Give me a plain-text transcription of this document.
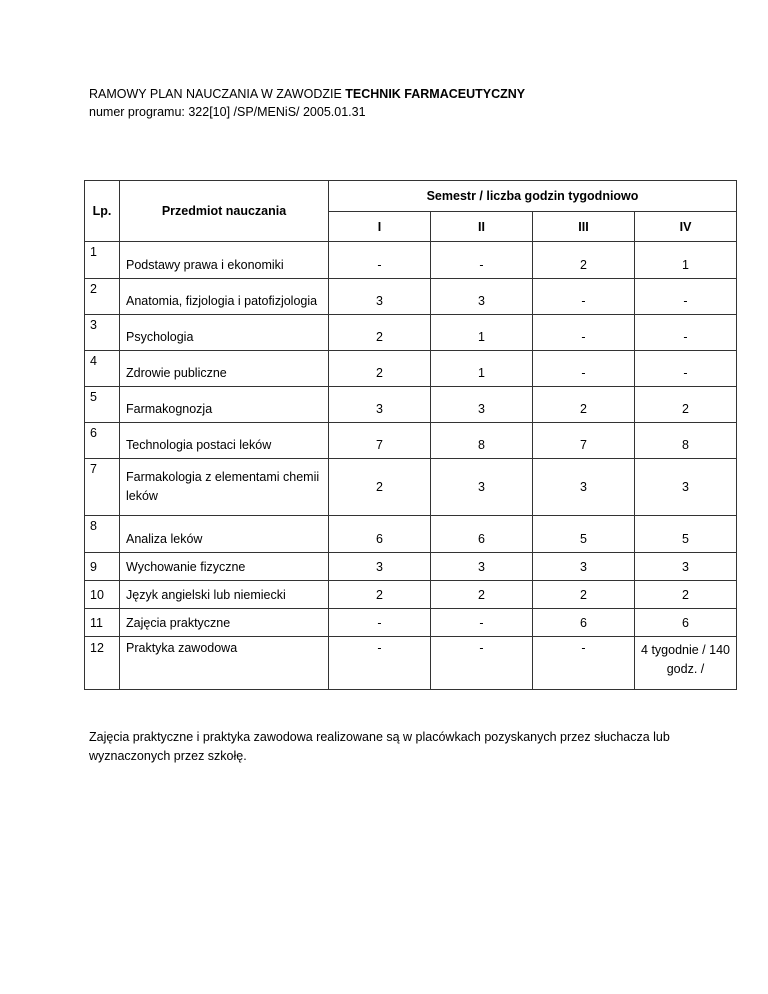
RAMOWY PLAN NAUCZANIA W ZAWODZIE TECHNIK FARMACEUTYCZNY
numer programu: 322[10] /SP/MENiS/ 2005.01.31
Lp.	Przedmiot nauczania	Semestr / liczba godzin tygodniowo			
		I	II	III	IV
1	Podstawy prawa i ekonomiki	-	-	2	1
2	Anatomia, fizjologia i patofizjologia	3	3	-	-
3	Psychologia	2	1	-	-
4	Zdrowie publiczne	2	1	-	-
5	Farmakognozja	3	3	2	2
6	Technologia postaci leków	7	8	7	8
7	Farmakologia z elementami chemii leków	2	3	3	3
8	Analiza leków	6	6	5	5
9	Wychowanie fizyczne	3	3	3	3
10	Język angielski lub niemiecki	2	2	2	2
11	Zajęcia praktyczne	-	-	6	6
12	Praktyka zawodowa	-	-	-	4 tygodnie / 140 godz. /
Zajęcia praktyczne i praktyka zawodowa realizowane są w placówkach pozyskanych przez słuchacza lub wyznaczonych przez szkołę.
